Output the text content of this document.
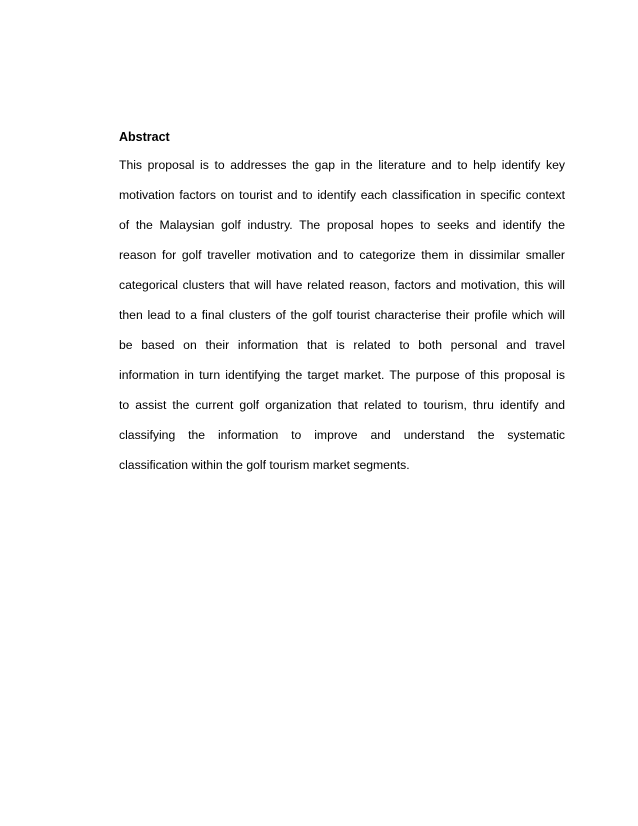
Abstract
This proposal is to addresses the gap in the literature and to help identify key
motivation factors on tourist and to identify each classification in specific context
of the Malaysian golf industry. The proposal hopes to seeks and identify the
reason for golf traveller motivation and to categorize them in dissimilar smaller
categorical clusters that will have related reason, factors and motivation, this will
then lead to a final clusters of the golf tourist characterise their profile which will
be based on their information that is related to both personal and travel
information in turn identifying the target market. The purpose of this proposal is
to assist the current golf organization that related to tourism, thru identify and
classifying the information to improve and understand the systematic
classification within the golf tourism market segments.
